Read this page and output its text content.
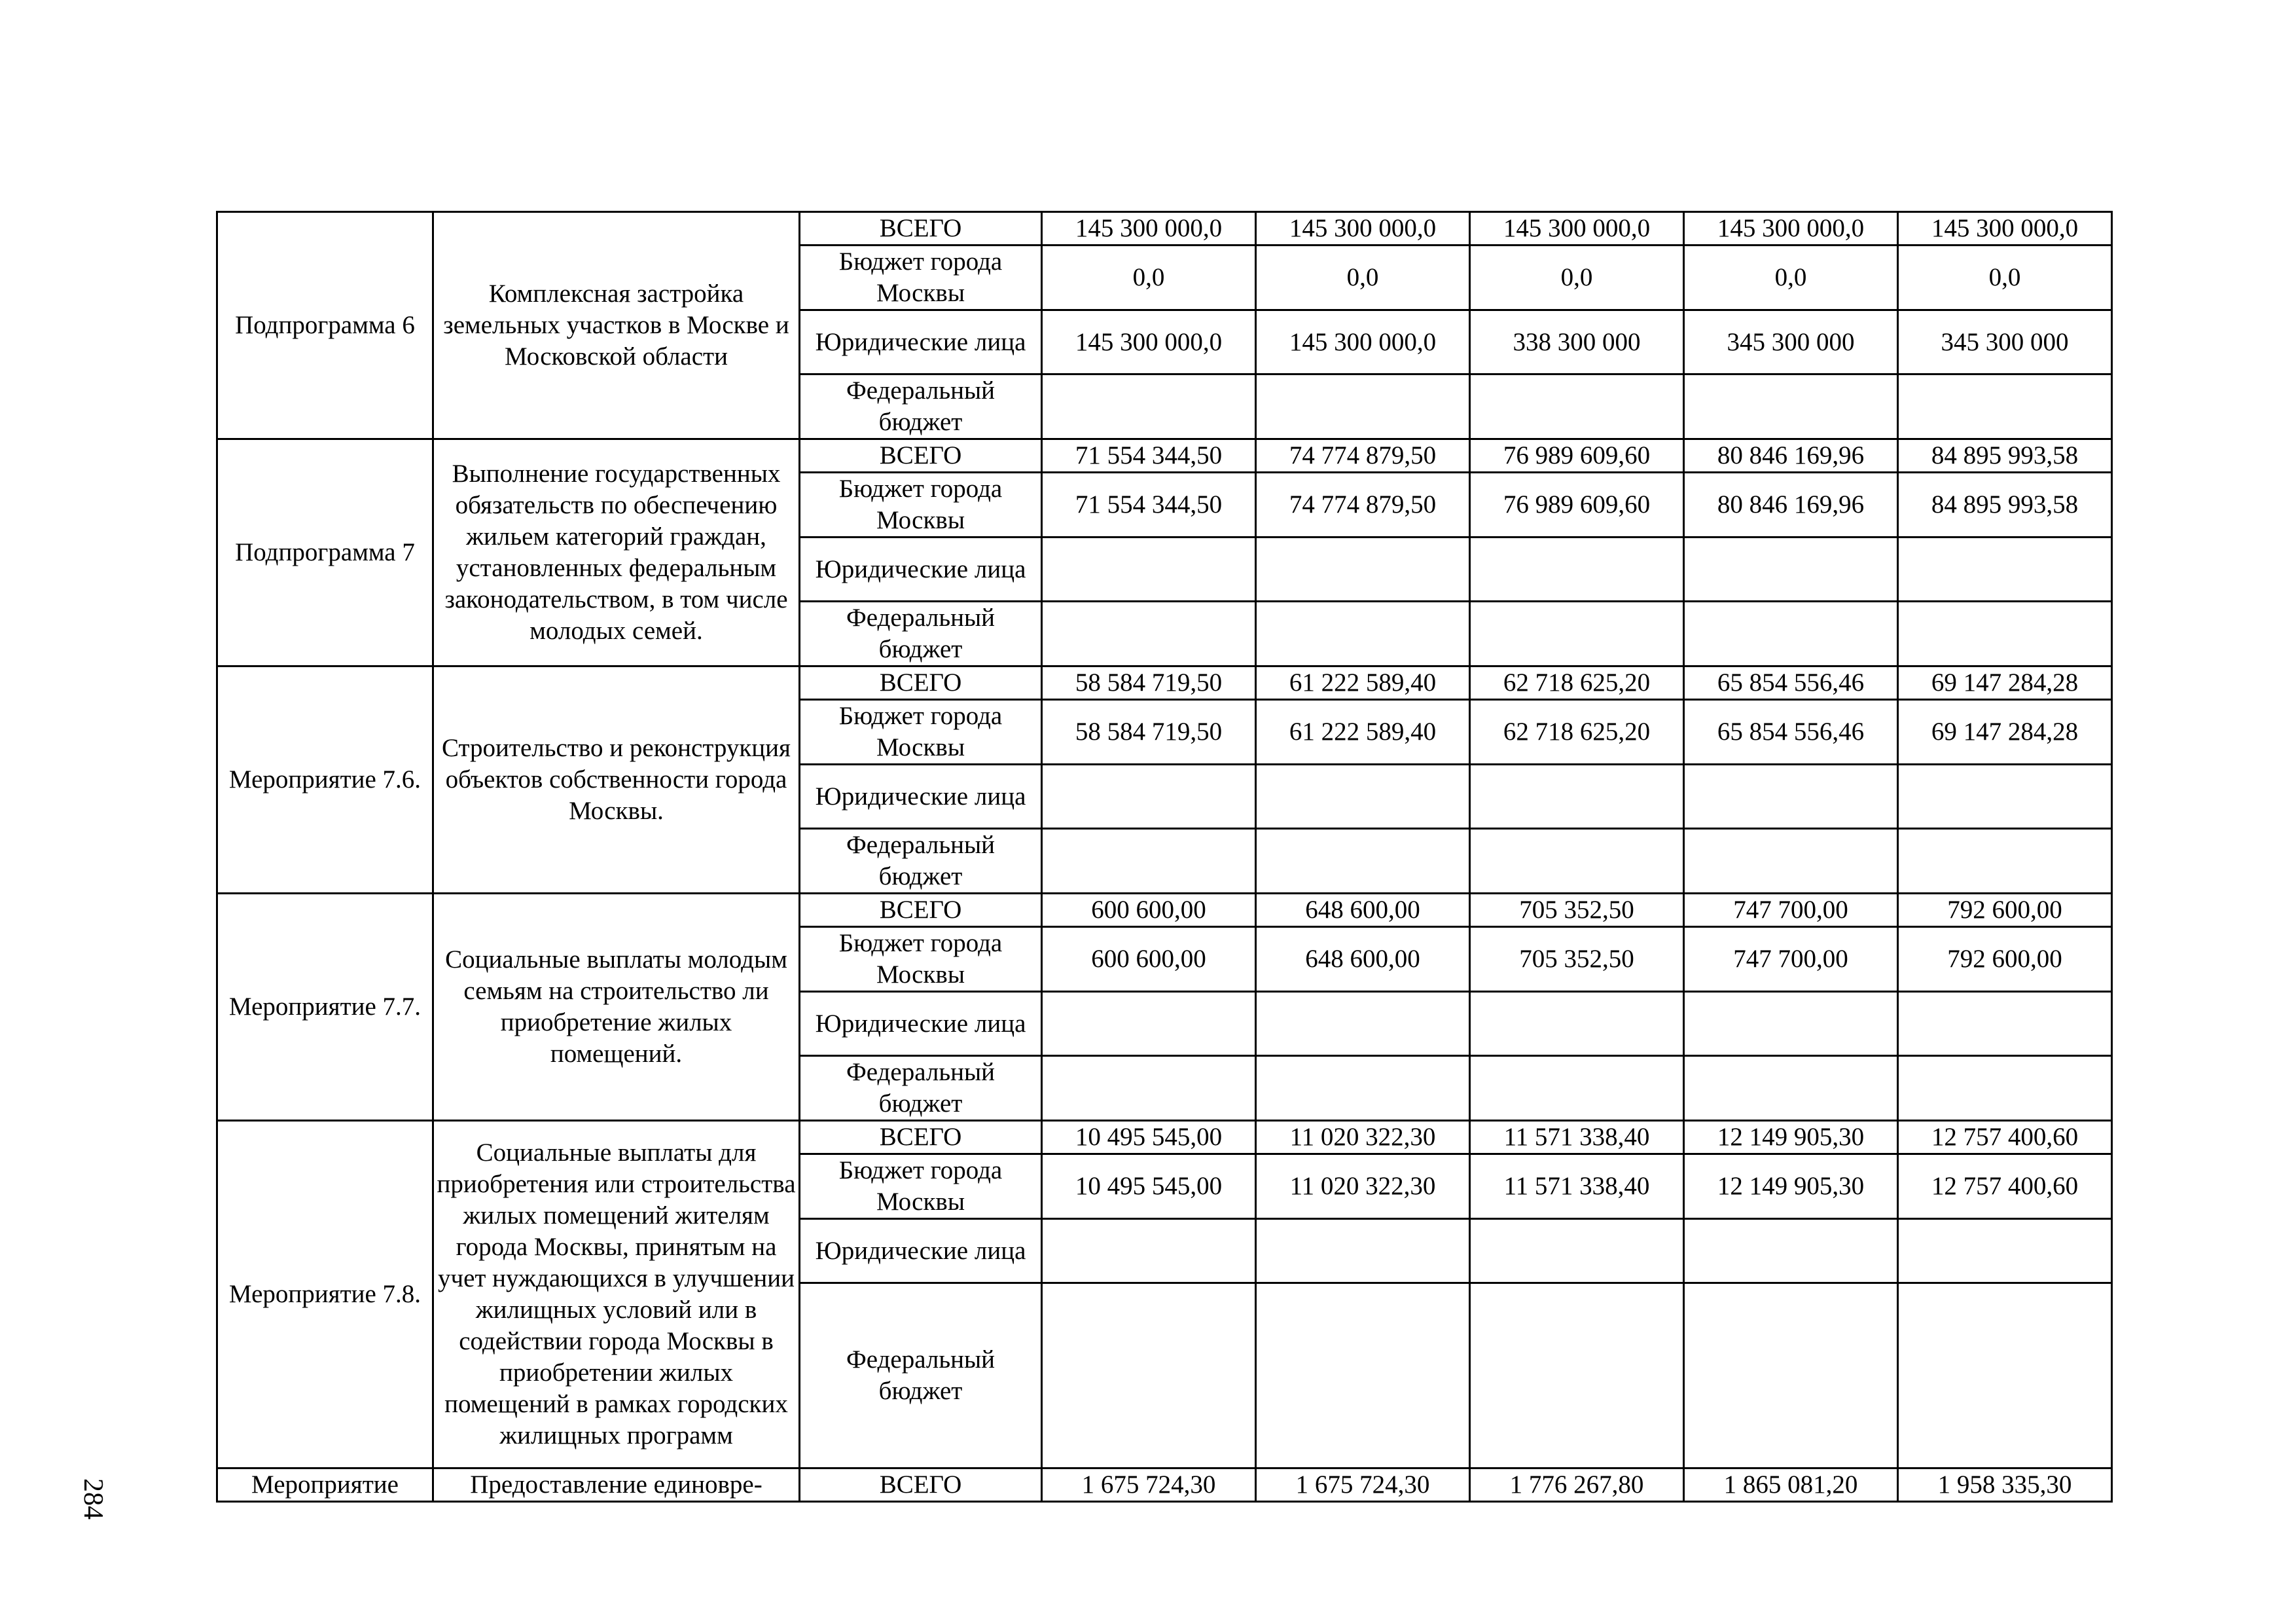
Подпрограмма 6	Комплексная застройка земельных участков в Москве и Московской области	ВСЕГО	145 300 000,0	145 300 000,0	145 300 000,0	145 300 000,0	145 300 000,0
		Бюджет города Москвы	0,0	0,0	0,0	0,0	0,0
		Юридические лица	145 300 000,0	145 300 000,0	338 300 000	345 300 000	345 300 000
		Федеральный бюджет					
Подпрограмма 7	Выполнение государственных обязательств по обеспечению жильем категорий граждан, установленных федеральным законодательством, в том числе молодых семей.	ВСЕГО	71 554 344,50	74 774 879,50	76 989 609,60	80 846 169,96	84 895 993,58
		Бюджет города Москвы	71 554 344,50	74 774 879,50	76 989 609,60	80 846 169,96	84 895 993,58
		Юридические лица					
		Федеральный бюджет					
Мероприятие 7.6.	Строительство и реконструкция объектов собственности города Москвы.	ВСЕГО	58 584 719,50	61 222 589,40	62 718 625,20	65 854 556,46	69 147 284,28
		Бюджет города Москвы	58 584 719,50	61 222 589,40	62 718 625,20	65 854 556,46	69 147 284,28
		Юридические лица					
		Федеральный бюджет					
Мероприятие 7.7.	Социальные выплаты молодым семьям на строительство ли приобретение жилых помещений.	ВСЕГО	600 600,00	648 600,00	705 352,50	747 700,00	792 600,00
		Бюджет города Москвы	600 600,00	648 600,00	705 352,50	747 700,00	792 600,00
		Юридические лица					
		Федеральный бюджет					
Мероприятие 7.8.	Социальные выплаты для приобретения или строительства жилых помещений жителям города Москвы, принятым на учет нуждающихся в улучшении жилищных условий или в содействии города Москвы в приобретении жилых помещений в рамках городских жилищных программ	ВСЕГО	10 495 545,00	11 020 322,30	11 571 338,40	12 149 905,30	12 757 400,60
		Бюджет города Москвы	10 495 545,00	11 020 322,30	11 571 338,40	12 149 905,30	12 757 400,60
		Юридические лица					
		Федеральный бюджет					
Мероприятие	Предоставление единовре-	ВСЕГО	1 675 724,30	1 675 724,30	1 776 267,80	1 865 081,20	1 958 335,30
284
